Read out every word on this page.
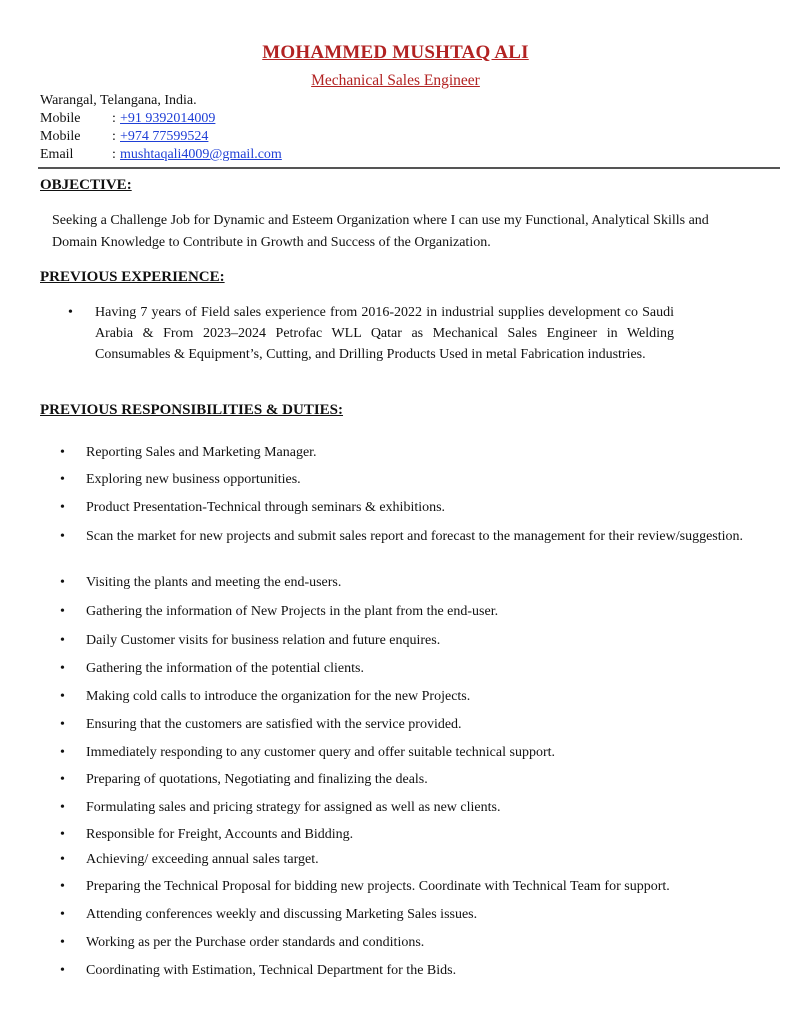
MOHAMMED MUSHTAQ ALI
Mechanical Sales Engineer
Warangal, Telangana, India.
Mobile	: +91 9392014009
Mobile	: +974 77599524
Email	: mushtaqali4009@gmail.com
OBJECTIVE:
Seeking a Challenge Job for Dynamic and Esteem Organization where I can use my Functional, Analytical Skills and Domain Knowledge to Contribute in Growth and Success of the Organization.
PREVIOUS EXPERIENCE:
• Having 7 years of Field sales experience from 2016-2022 in industrial supplies development co Saudi Arabia & From 2023–2024 Petrofac WLL Qatar as Mechanical Sales Engineer in Welding Consumables & Equipment’s, Cutting, and Drilling Products Used in metal Fabrication industries.
PREVIOUS RESPONSIBILITIES & DUTIES:
• Reporting Sales and Marketing Manager.
• Exploring new business opportunities.
• Product Presentation-Technical through seminars & exhibitions.
• Scan the market for new projects and submit sales report and forecast to the management for their review/suggestion.
• Visiting the plants and meeting the end-users.
• Gathering the information of New Projects in the plant from the end-user.
• Daily Customer visits for business relation and future enquires.
• Gathering the information of the potential clients.
• Making cold calls to introduce the organization for the new Projects.
• Ensuring that the customers are satisfied with the service provided.
• Immediately responding to any customer query and offer suitable technical support.
• Preparing of quotations, Negotiating and finalizing the deals.
• Formulating sales and pricing strategy for assigned as well as new clients.
• Responsible for Freight, Accounts and Bidding.
• Achieving/ exceeding annual sales target.
• Preparing the Technical Proposal for bidding new projects. Coordinate with Technical Team for support.
• Attending conferences weekly and discussing Marketing Sales issues.
• Working as per the Purchase order standards and conditions.
• Coordinating with Estimation, Technical Department for the Bids.
